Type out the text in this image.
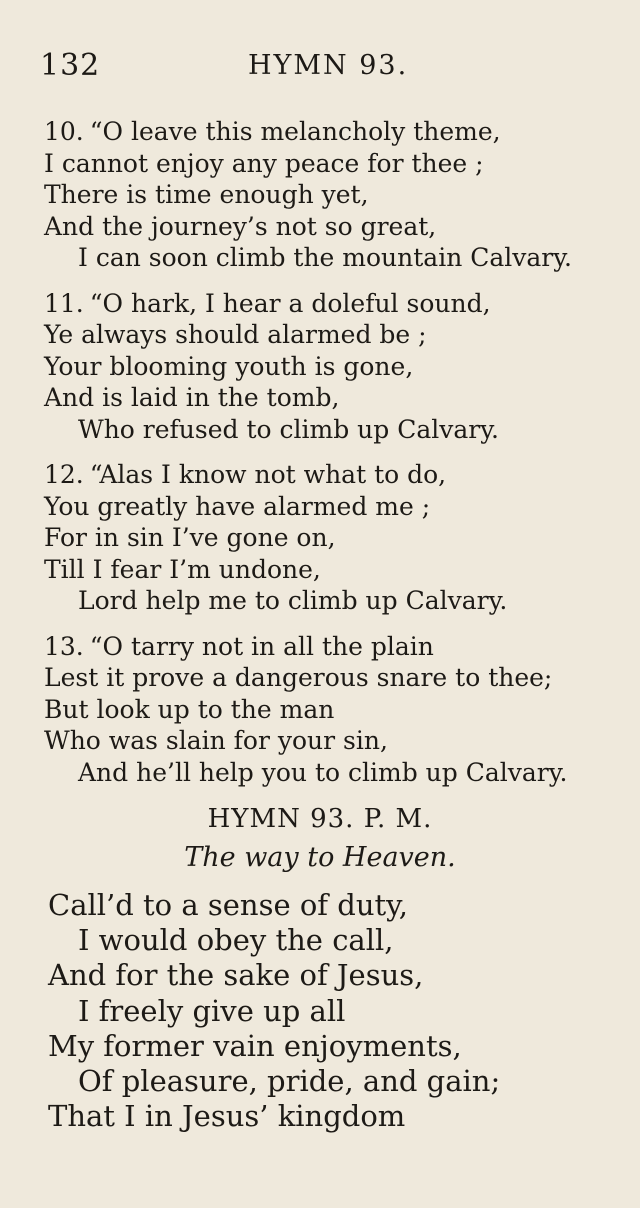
132	HYMN 93.
10. “O leave this melancholy theme,
I cannot enjoy any peace for thee ;
There is time enough yet,
And the journey’s not so great,
I can soon climb the mountain Calvary.
11. “O hark, I hear a doleful sound,
Ye always should alarmed be ;
Your blooming youth is gone,
And is laid in the tomb,
Who refused to climb up Calvary.
12. “Alas I know not what to do,
You greatly have alarmed me ;
For in sin I’ve gone on,
Till I fear I’m undone,
Lord help me to climb up Calvary.
13. “O tarry not in all the plain
Lest it prove a dangerous snare to thee;
But look up to the man
Who was slain for your sin,
And he’ll help you to climb up Calvary.
HYMN 93. P. M.
The way to Heaven.
Call’d to a sense of duty,
I would obey the call,
And for the sake of Jesus,
I freely give up all
My former vain enjoyments,
Of pleasure, pride, and gain;
That I in Jesus’ kingdom
